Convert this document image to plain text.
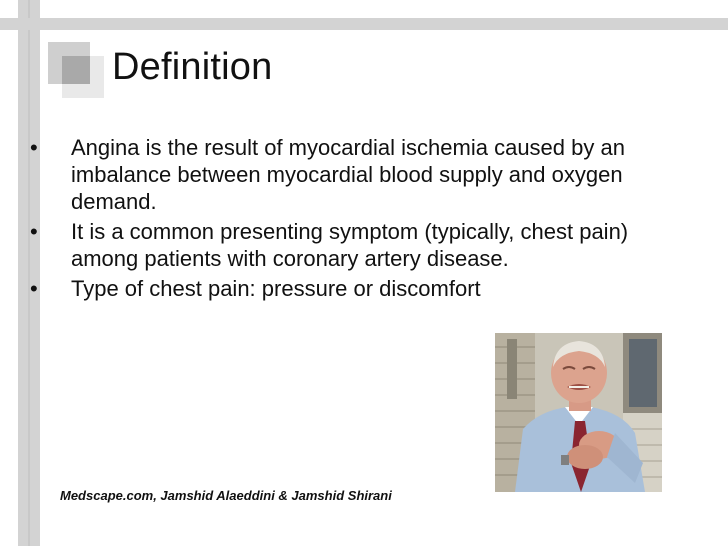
Definition
• Angina is the result of myocardial ischemia caused by an imbalance between myocardial blood supply and oxygen demand.
• It is a common presenting symptom (typically, chest pain) among patients with coronary artery disease.
• Type of chest pain: pressure or discomfort
Medscape.com, Jamshid Alaeddini & Jamshid Shirani
